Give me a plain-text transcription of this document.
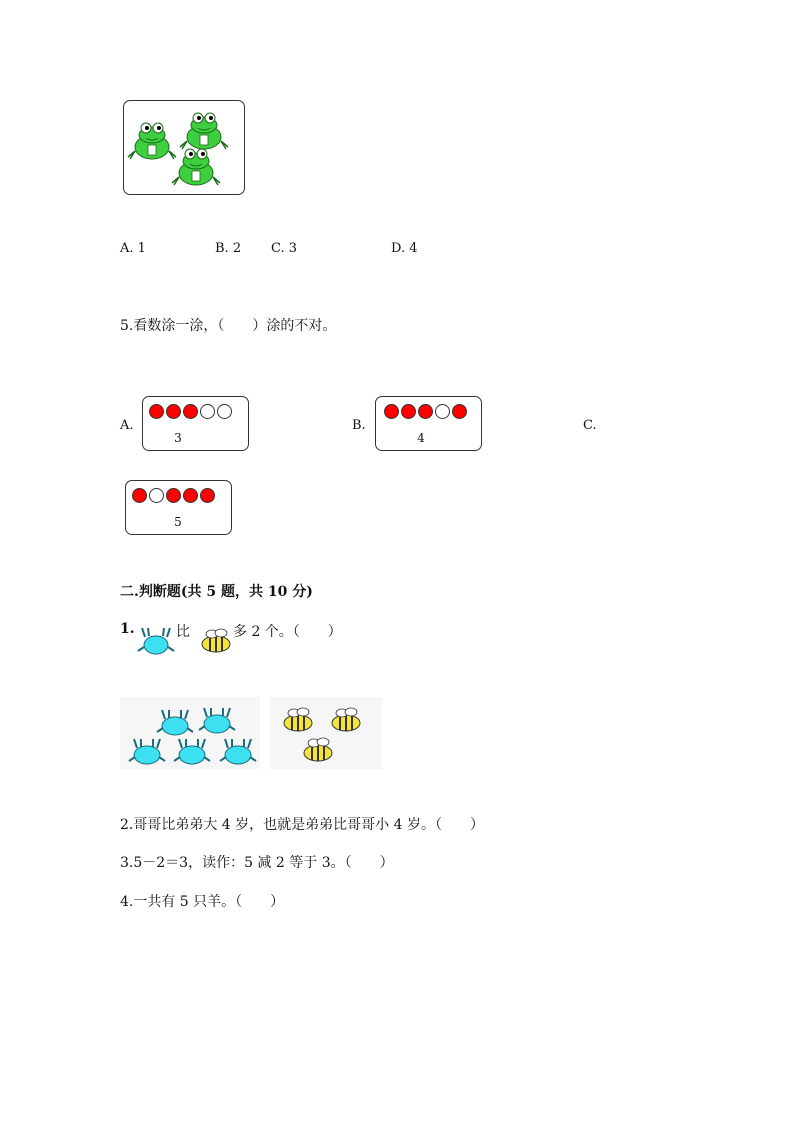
A. 1	B. 2 C. 3	D. 4
5.看数涂一涂，（　　）涂的不对。
A.
3
B.
4
C.
5
二.判断题(共 5 题，共 10 分)
1.	比	多 2 个。（　　）
2.哥哥比弟弟大 4 岁，也就是弟弟比哥哥小 4 岁。（　　）
3.5－2＝3，读作：5 减 2 等于 3。（　　）
4.一共有 5 只羊。（　　）
